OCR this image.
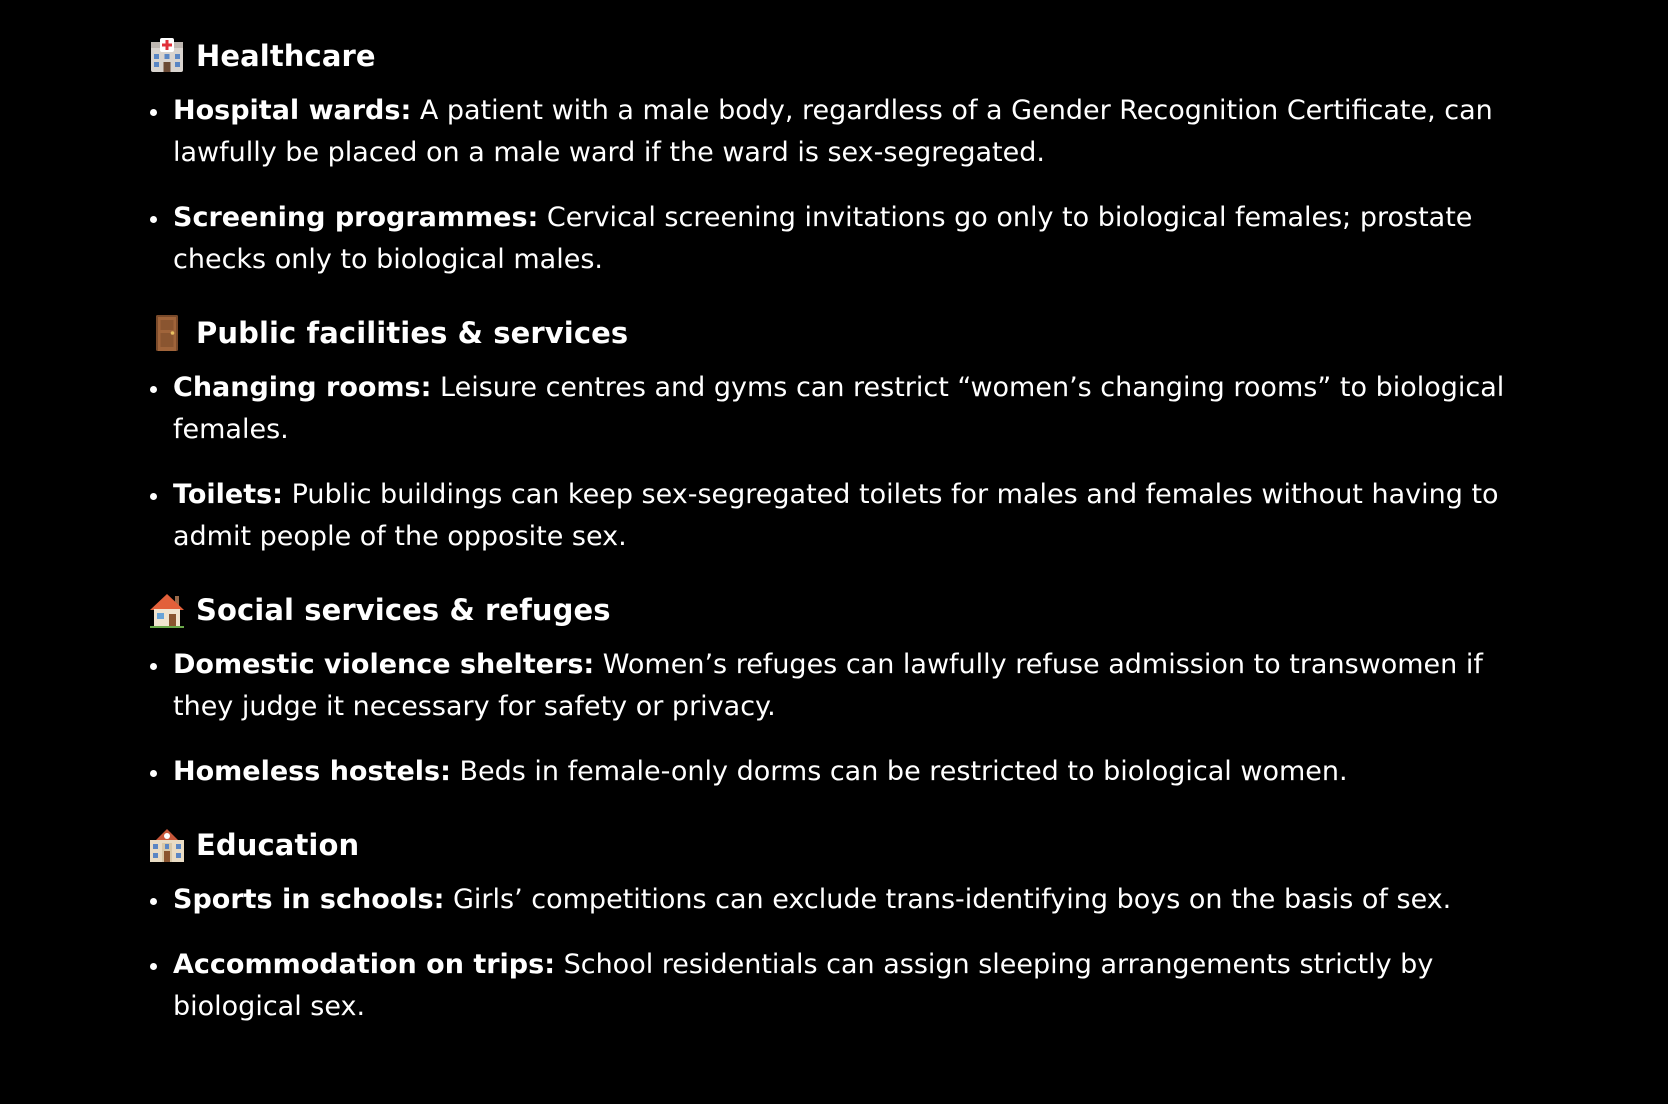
Healthcare
Hospital wards: A patient with a male body, regardless of a Gender Recognition Certificate, can lawfully be placed on a male ward if the ward is sex-segregated.
Screening programmes: Cervical screening invitations go only to biological females; prostate checks only to biological males.
Public facilities & services
Changing rooms: Leisure centres and gyms can restrict “women’s changing rooms” to biological females.
Toilets: Public buildings can keep sex-segregated toilets for males and females without having to admit people of the opposite sex.
Social services & refuges
Domestic violence shelters: Women’s refuges can lawfully refuse admission to transwomen if they judge it necessary for safety or privacy.
Homeless hostels: Beds in female-only dorms can be restricted to biological women.
Education
Sports in schools: Girls’ competitions can exclude trans-identifying boys on the basis of sex.
Accommodation on trips: School residentials can assign sleeping arrangements strictly by biological sex.
